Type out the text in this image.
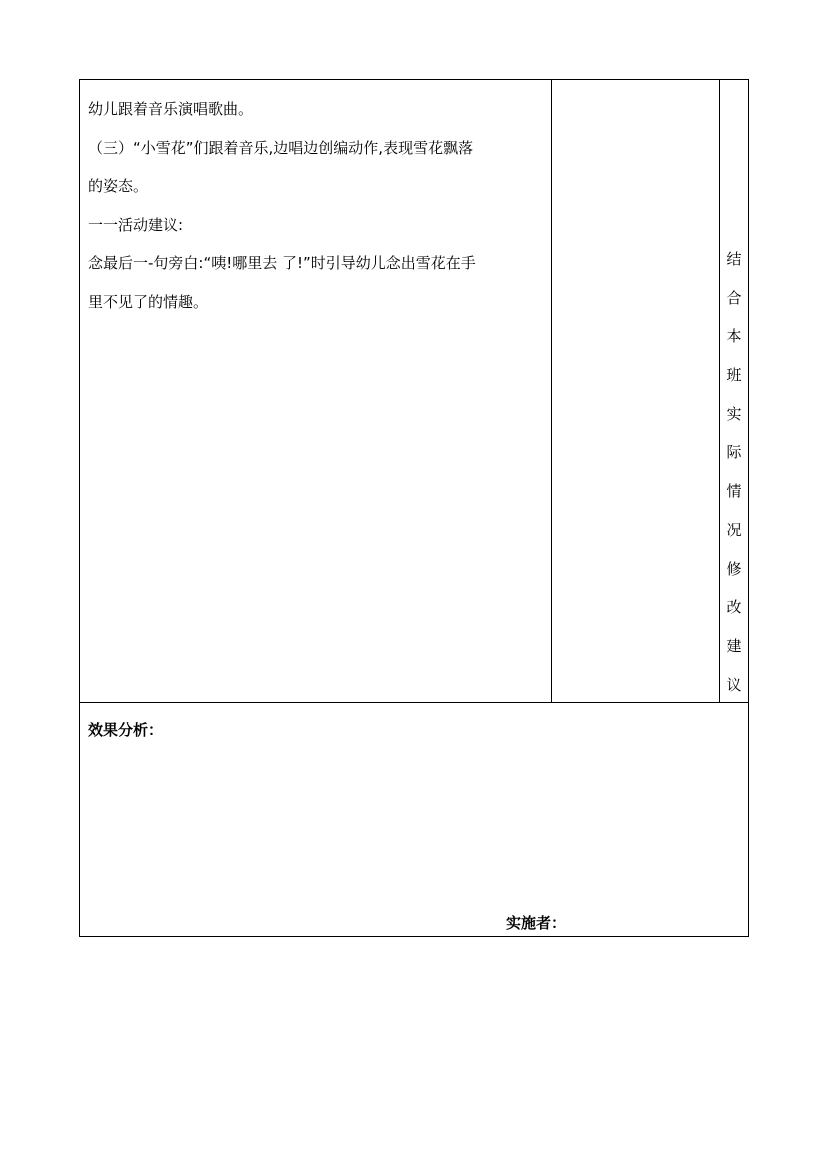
幼儿跟着音乐演唱歌曲。
（三）“小雪花”们跟着音乐,边唱边创编动作,表现雪花飘落
的姿态。
一一活动建议:
念最后一-句旁白:“咦!哪里去 了!”时引导幼儿念出雪花在手
里不见了的情趣。
结
合
本
班
实
际
情
况
修
改
建
议
效果分析：
实施者：
